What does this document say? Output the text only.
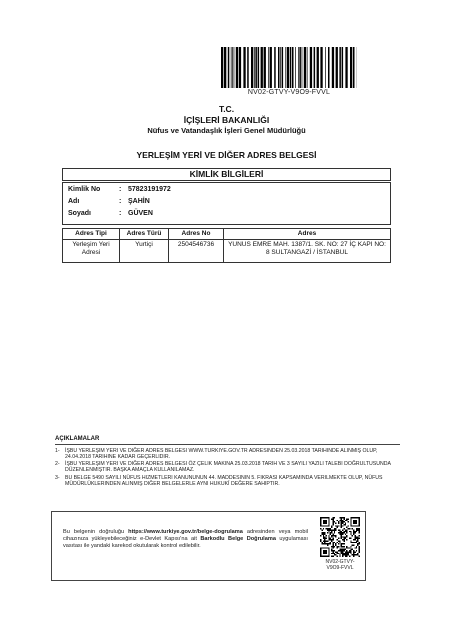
NV02-GTVY-V9O9-FVVL
T.C.
İÇİŞLERİ BAKANLIĞI
Nüfus ve Vatandaşlık İşleri Genel Müdürlüğü
YERLEŞİM YERİ VE DİĞER ADRES BELGESİ
KİMLİK BİLGİLERİ
Kimlik No	: 57823191972
Adı	: ŞAHİN
Soyadı	: GÜVEN
Adres Tipi	Adres Türü	Adres No	Adres
Yerleşim Yeri Adresi	Yurtiçi	2504546736	YUNUS EMRE MAH. 1387/1. SK. NO: 27 İÇ KAPI NO: 8 SULTANGAZİ / İSTANBUL
AÇIKLAMALAR
1- İŞBU YERLEŞIM YERI VE DIĞER ADRES BELGESI WWW.TURKIYE.GOV.TR ADRESINDEN 25.03.2018 TARIHINDE ALINMIŞ OLUP, 24.04.2018 TARIHINE KADAR GEÇERLIDIR.
2- İŞBU YERLEŞIM YERI VE DIĞER ADRES BELGESI ÖZ ÇELIK MAKINA 25.03.2018 TARIH VE 3 SAYILI YAZILI TALEBI DOĞRULTUSUNDA DÜZENLENMIŞTIR. BAŞKA AMAÇLA KULLANILAMAZ.
3- BU BELGE 5490 SAYILI NÜFUS HIZMETLERI KANUNUNUN 44. MADDESININ 5. FIKRASI KAPSAMINDA VERILMEKTE OLUP, NÜFUS MÜDÜRLÜKLERINDEN ALINMIŞ DIĞER BELGELERLE AYNI HUKUKÎ DEĞERE SAHIPTIR.
Bu belgenin doğruluğu https://www.turkiye.gov.tr/belge-dogrulama adresinden veya mobil cihazınıza yükleyebileceğiniz e-Devlet Kapısı'na ait Barkodlu Belge Doğrulama uygulaması vasıtası ile yandaki karekod okutularak kontrol edilebilir.
NV02-GTVY-V9O9-FVVL
